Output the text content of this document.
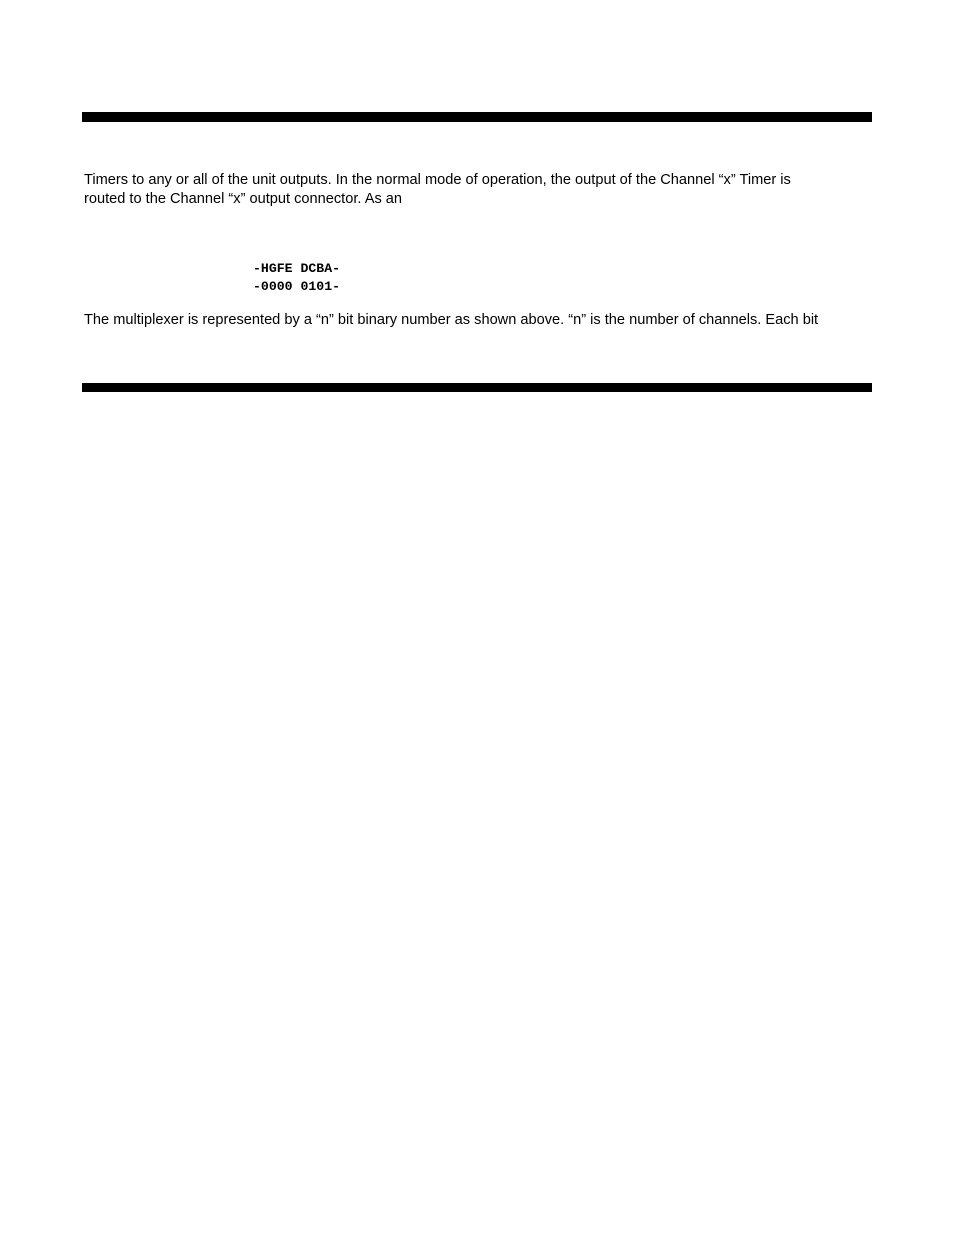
Timers to any or all of the unit outputs. In the normal mode of operation, the output of the Channel “x” Timer is
routed to the Channel “x” output connector. As an

-HGFE DCBA-
-0000 0101-

The multiplexer is represented by a “n” bit binary number as shown above. “n” is the number of channels. Each bit
